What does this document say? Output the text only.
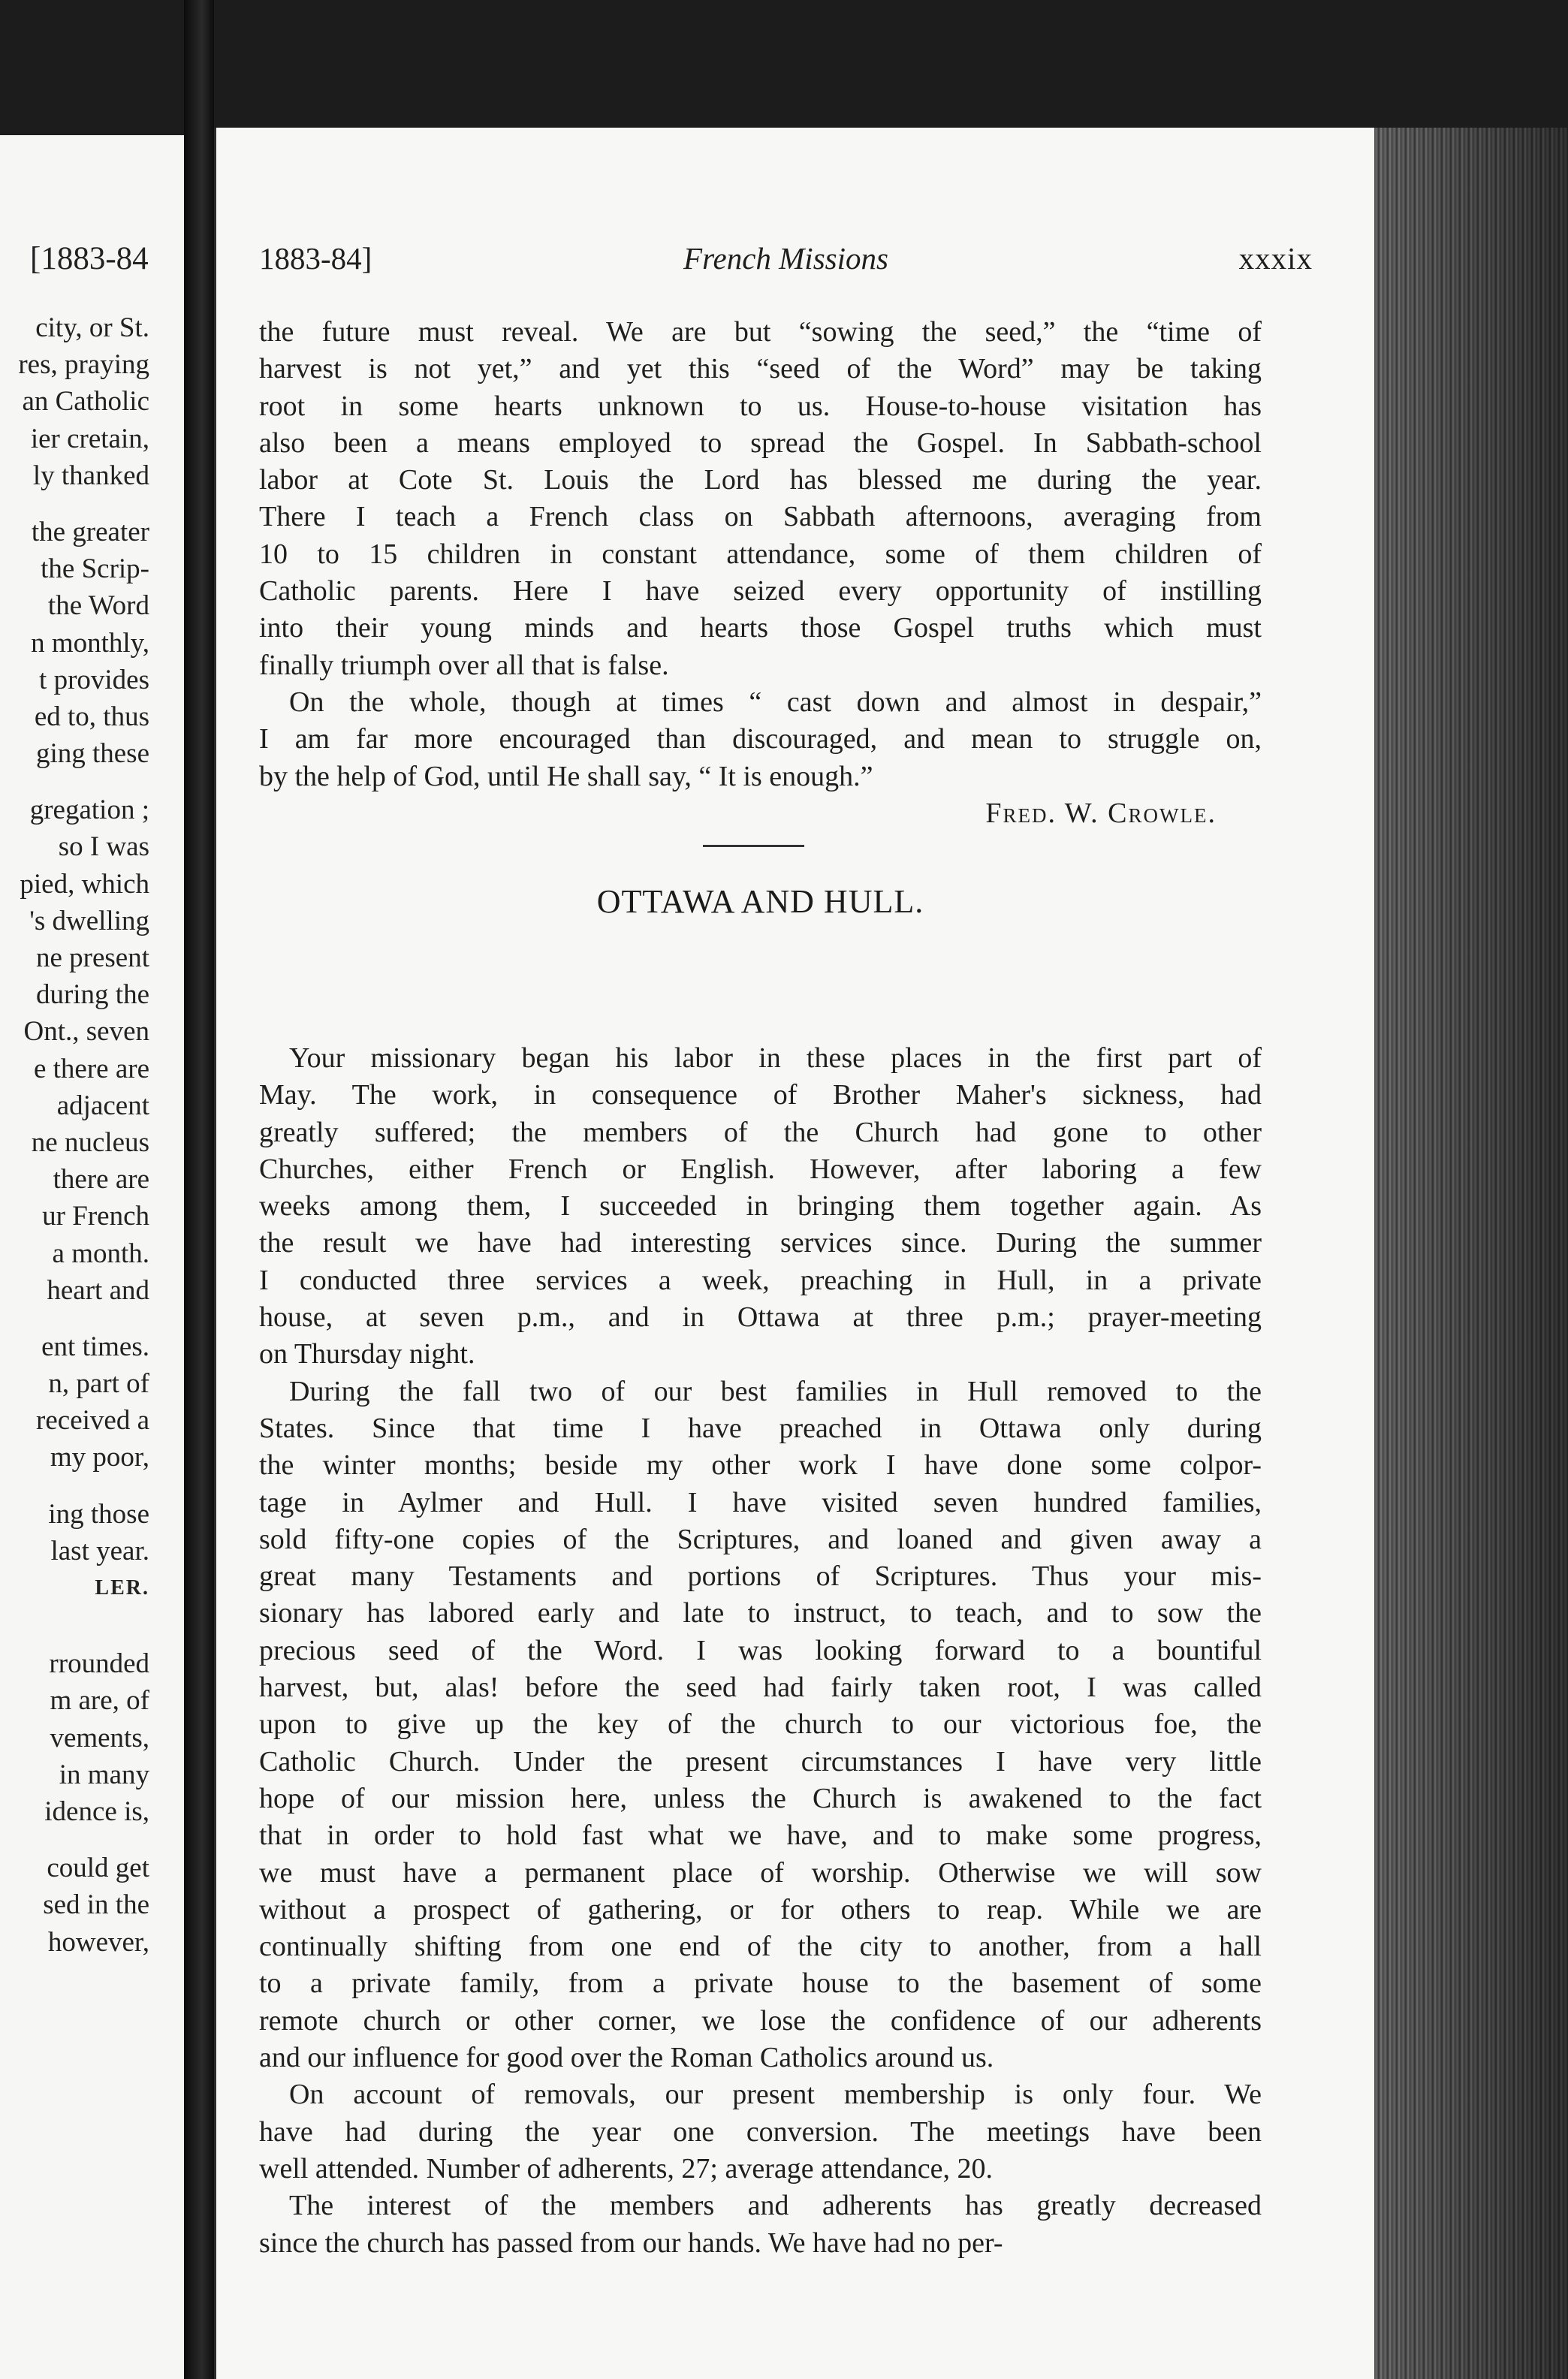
[1883-84
city, or St.
res, praying
an Catholic
ier cretain,
ly thanked
the greater
the Scrip-
the Word
n monthly,
t provides
ed to, thus
ging these
gregation ;
so I was
pied, which
's dwelling
ne present
during the
Ont., seven
e there are
adjacent
ne nucleus
there are
ur French
a month.
heart and
ent times.
n, part of
received a
my poor,
ing those
last year.
LER.
rrounded
m are, of
vements,
in many
idence is,
could get
sed in the
however,
1883-84]	French Missions	xxxix
the future must reveal. We are but “sowing the seed,” the “time of
harvest is not yet,” and yet this “seed of the Word” may be taking
root in some hearts unknown to us. House-to-house visitation has
also been a means employed to spread the Gospel. In Sabbath-school
labor at Cote St. Louis the Lord has blessed me during the year.
There I teach a French class on Sabbath afternoons, averaging from
10 to 15 children in constant attendance, some of them children of
Catholic parents. Here I have seized every opportunity of instilling
into their young minds and hearts those Gospel truths which must
finally triumph over all that is false.
On the whole, though at times “ cast down and almost in despair,”
I am far more encouraged than discouraged, and mean to struggle on,
by the help of God, until He shall say, “ It is enough.”
Fred. W. Crowle.
OTTAWA AND HULL.
Your missionary began his labor in these places in the first part of
May. The work, in consequence of Brother Maher's sickness, had
greatly suffered; the members of the Church had gone to other
Churches, either French or English. However, after laboring a few
weeks among them, I succeeded in bringing them together again. As
the result we have had interesting services since. During the summer
I conducted three services a week, preaching in Hull, in a private
house, at seven p.m., and in Ottawa at three p.m.; prayer-meeting
on Thursday night.
During the fall two of our best families in Hull removed to the
States. Since that time I have preached in Ottawa only during
the winter months; beside my other work I have done some colpor-
tage in Aylmer and Hull. I have visited seven hundred families,
sold fifty-one copies of the Scriptures, and loaned and given away a
great many Testaments and portions of Scriptures. Thus your mis-
sionary has labored early and late to instruct, to teach, and to sow the
precious seed of the Word. I was looking forward to a bountiful
harvest, but, alas! before the seed had fairly taken root, I was called
upon to give up the key of the church to our victorious foe, the
Catholic Church. Under the present circumstances I have very little
hope of our mission here, unless the Church is awakened to the fact
that in order to hold fast what we have, and to make some progress,
we must have a permanent place of worship. Otherwise we will sow
without a prospect of gathering, or for others to reap. While we are
continually shifting from one end of the city to another, from a hall
to a private family, from a private house to the basement of some
remote church or other corner, we lose the confidence of our adherents
and our influence for good over the Roman Catholics around us.
On account of removals, our present membership is only four. We
have had during the year one conversion. The meetings have been
well attended. Number of adherents, 27; average attendance, 20.
The interest of the members and adherents has greatly decreased
since the church has passed from our hands. We have had no per-
